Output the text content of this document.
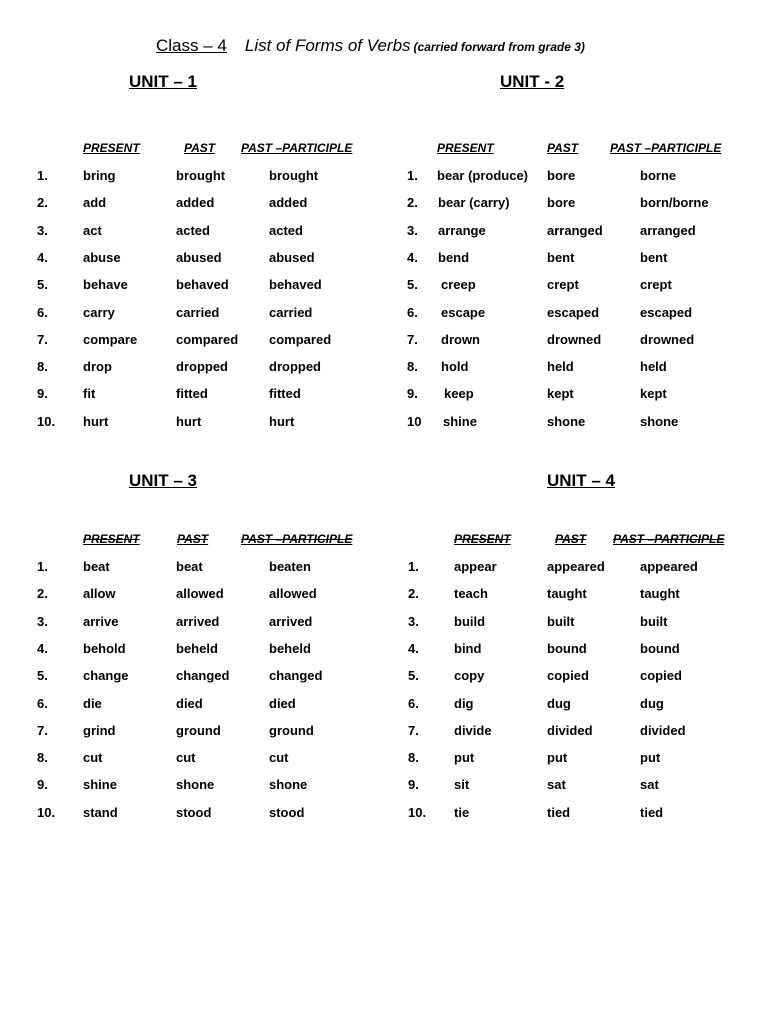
Class – 4 List of Forms of Verbs (carried forward from grade 3)
UNIT – 1
PRESENT	PAST PAST –PARTICIPLE
1.	bring	brought	brought
2.	add	added	added
3.	act	acted	acted
4.	abuse	abused	abused
5.	behave	behaved	behaved
6.	carry	carried	carried
7.	compare	compared compared
8.	drop	dropped	dropped
9.	fit	fitted	fitted
10. hurt	hurt	hurt
UNIT - 2
PRESENT	PAST	PAST –PARTICIPLE
1. bear (produce) bore	borne
2. bear (carry)	bore	born/borne
3. arrange	arranged	arranged
4. bend	bent	bent
5. creep	crept	crept
6. escape	escaped	escaped
7. drown	drowned	drowned
8. hold	held	held
9. keep	kept	kept
10 shine	shone	shone
UNIT – 3
PRESENT	PAST	PAST –PARTICIPLE
1.	beat	beat	beaten
2.	allow	allowed	allowed
3.	arrive	arrived	arrived
4.	behold	beheld	beheld
5.	change	changed	changed
6.	die	died	died
7.	grind	ground	ground
8.	cut	cut	cut
9.	shine	shone	shone
10. stand	stood	stood
UNIT – 4
PRESENT	PAST PAST –PARTICIPLE
1.	appear	appeared	appeared
2.	teach	taught	taught
3.	build	built	built
4.	bind	bound	bound
5.	copy	copied	copied
6.	dig	dug	dug
7.	divide	divided	divided
8.	put	put	put
9.	sit	sat	sat
10. tie	tied	tied
